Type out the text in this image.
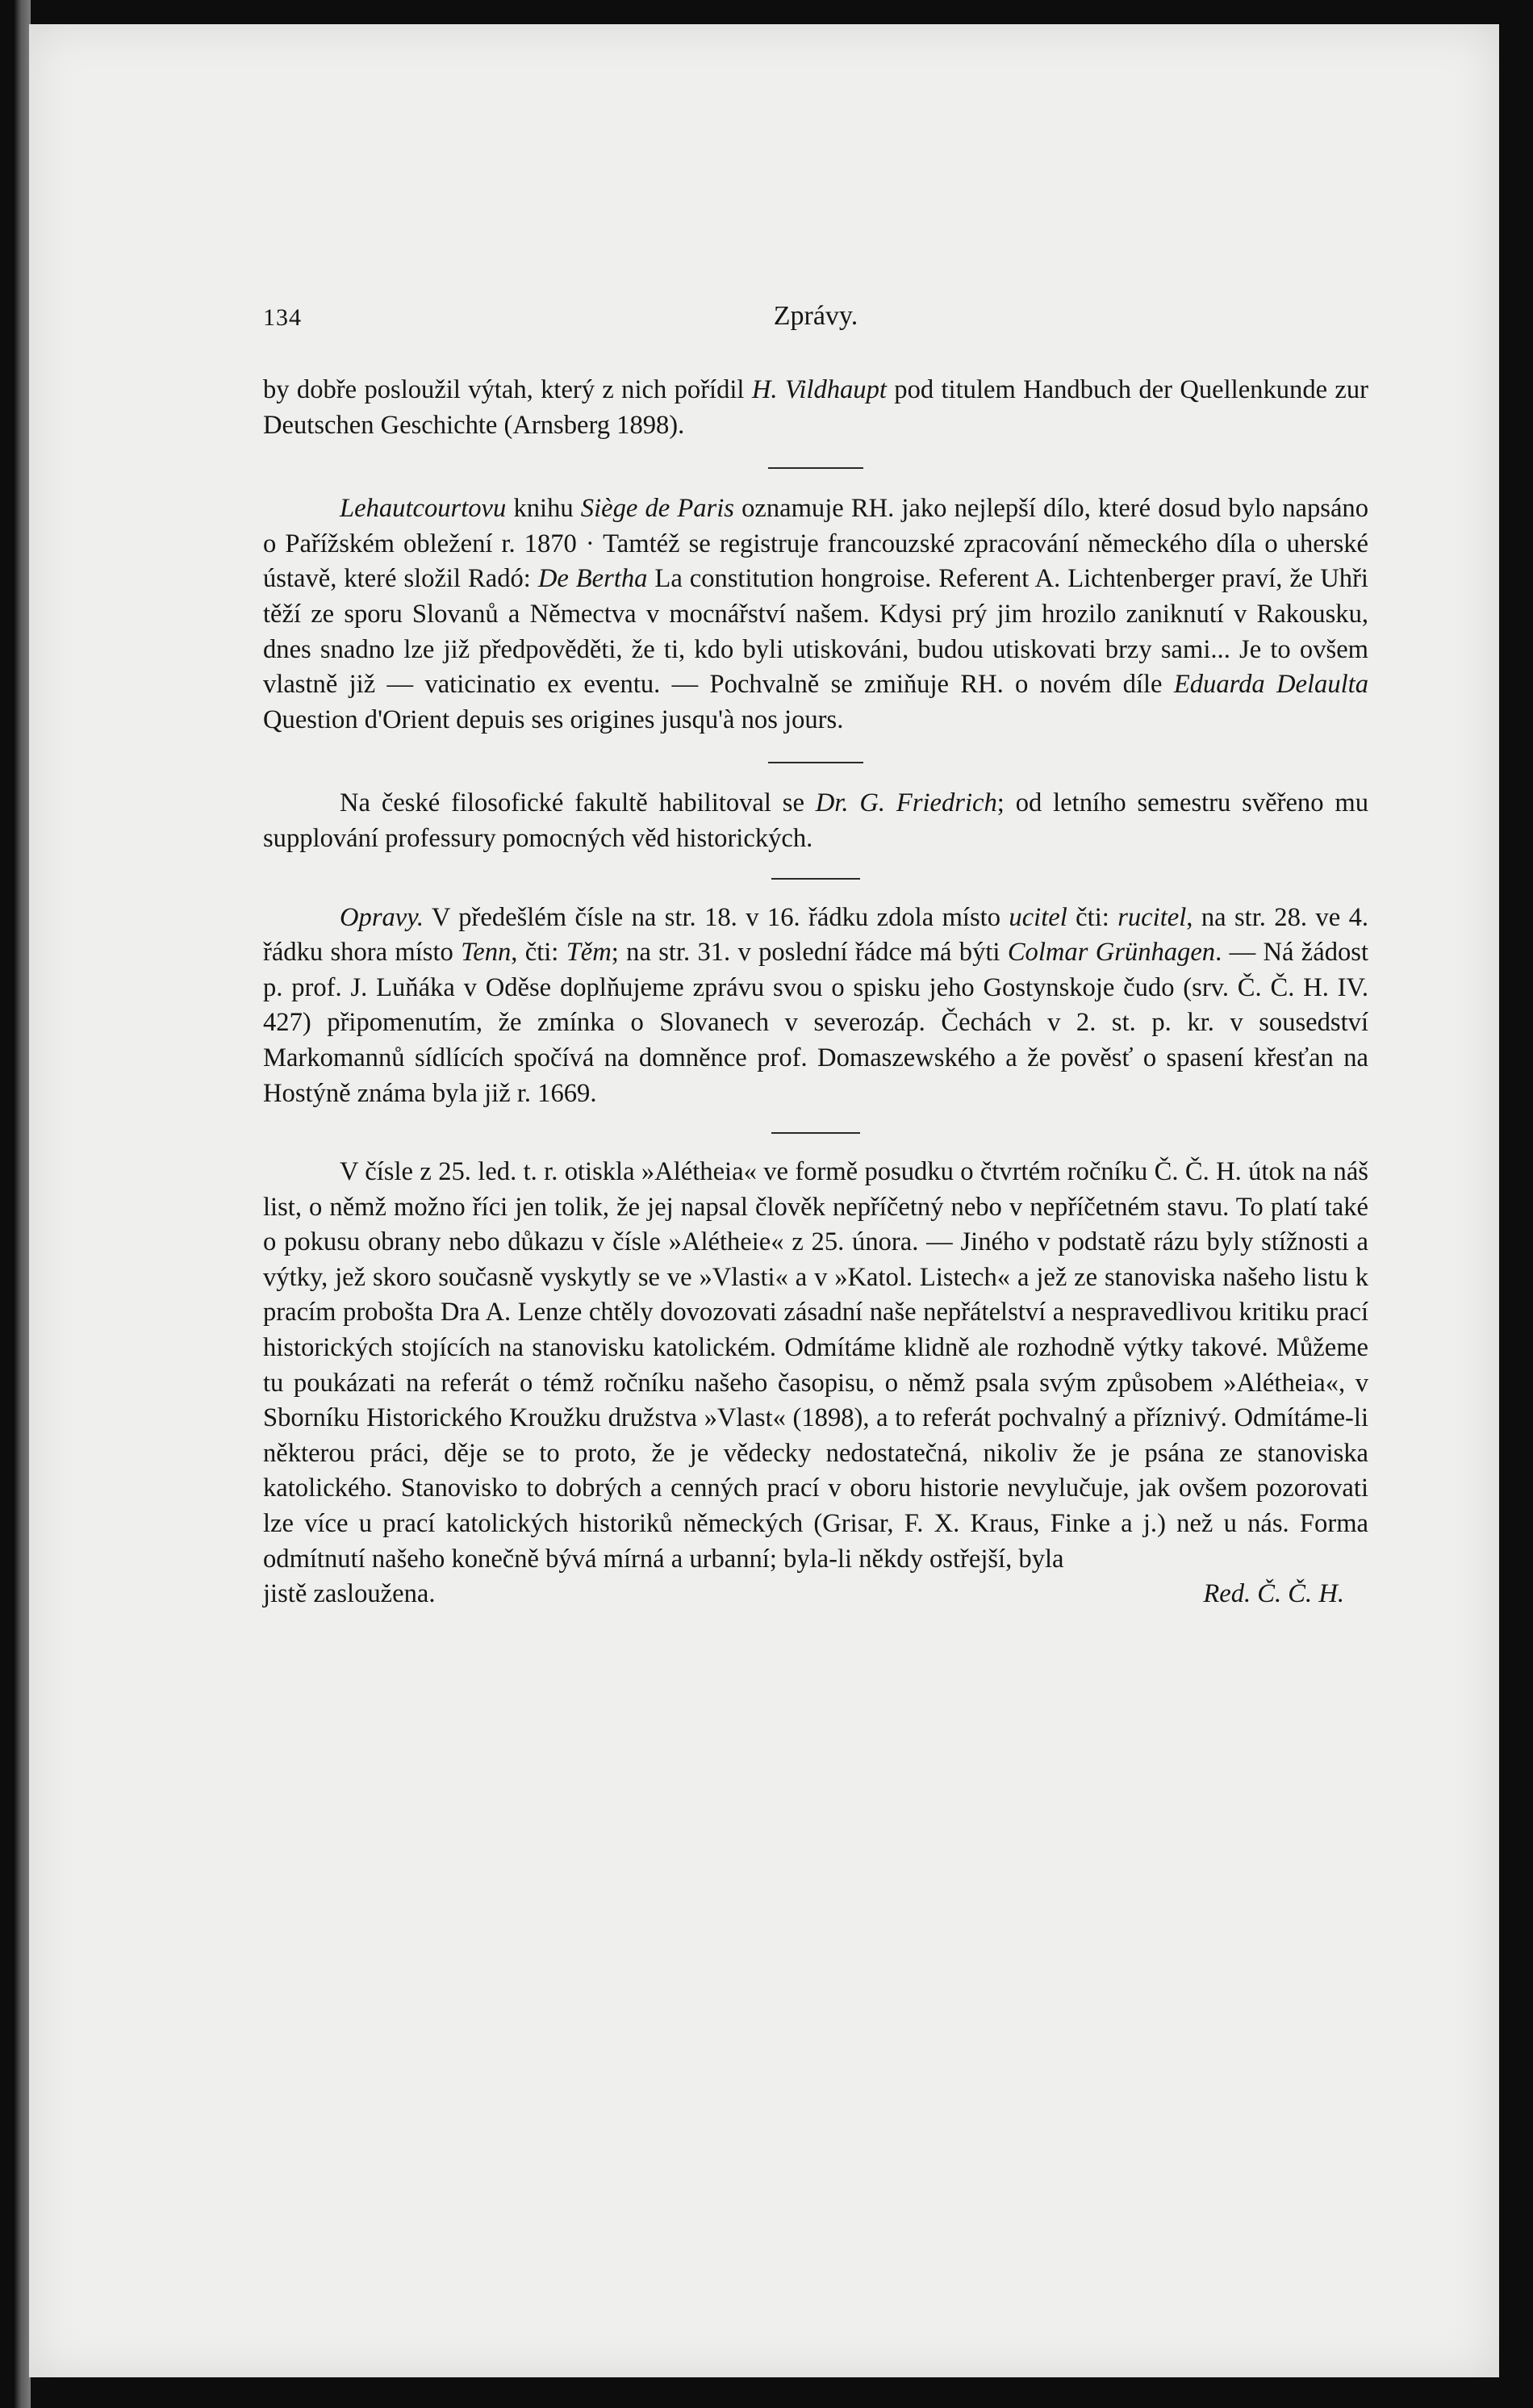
134	Zprávy.

by dobře posloužil výtah, který z nich pořídil H. Vildhaupt pod titulem Handbuch der Quellenkunde zur Deutschen Geschichte (Arnsberg 1898).

Lehautcourtovu knihu Siège de Paris oznamuje RH. jako nejlepší dílo, které dosud bylo napsáno o Pařížském obležení r. 1870 · Tamtéž se registruje francouzské zpracování německého díla o uherské ústavě, které složil Radó: De Bertha La constitution hongroise. Referent A. Lichtenberger praví, že Uhři těží ze sporu Slovanů a Němectva v mocnářství našem. Kdysi prý jim hrozilo zaniknutí v Rakousku, dnes snadno lze již předpověděti, že ti, kdo byli utiskováni, budou utiskovati brzy sami... Je to ovšem vlastně již — vaticinatio ex eventu. — Pochvalně se zmiňuje RH. o novém díle Eduarda Delaulta Question d'Orient depuis ses origines jusqu'à nos jours.

Na české filosofické fakultě habilitoval se Dr. G. Friedrich; od letního semestru svěřeno mu supplování professury pomocných věd historických.

Opravy. V předešlém čísle na str. 18. v 16. řádku zdola místo ucitel čti: rucitel, na str. 28. ve 4. řádku shora místo Tenn, čti: Těm; na str. 31. v poslední řádce má býti Colmar Grünhagen. — Ná žádost p. prof. J. Luňáka v Oděse doplňujeme zprávu svou o spisku jeho Gostynskoje čudo (srv. Č. Č. H. IV. 427) připomenutím, že zmínka o Slovanech v severozáp. Čechách v 2. st. p. kr. v sousedství Markomannů sídlících spočívá na domněnce prof. Domaszewského a že pověsť o spasení křesťan na Hostýně známa byla již r. 1669.

V čísle z 25. led. t. r. otiskla »Alétheia« ve formě posudku o čtvrtém ročníku Č. Č. H. útok na náš list, o němž možno říci jen tolik, že jej napsal člověk nepříčetný nebo v nepříčetném stavu. To platí také o pokusu obrany nebo důkazu v čísle »Alétheie« z 25. února. — Jiného v podstatě rázu byly stížnosti a výtky, jež skoro současně vyskytly se ve »Vlasti« a v »Katol. Listech« a jež ze stanoviska našeho listu k pracím proboštа Dra A. Lenze chtěly dovozovati zásadní naše nepřátelství a nespravedlivou kritiku prací historických stojících na stanovisku katolickém. Odmítáme klidně ale rozhodně výtky takové. Můžeme tu poukázati na referát o témž ročníku našeho časopisu, o němž psala svým způsobem »Alétheia«, v Sborníku Historického Kroužku družstva »Vlast« (1898), a to referát pochvalný a příznivý. Odmítáme-li některou práci, děje se to proto, že je vědecky nedostatečná, nikoliv že je psána ze stanoviska katolického. Stanovisko to dobrých a cenných prací v oboru historie nevylučuje, jak ovšem pozorovati lze více u prací katolických historiků německých (Grisar, F. X. Kraus, Finke a j.) než u nás. Forma odmítnutí našeho konečně bývá mírná a urbanní; byla-li někdy ostřejší, byla

jistě zasloužena.	Red. Č. Č. H.
